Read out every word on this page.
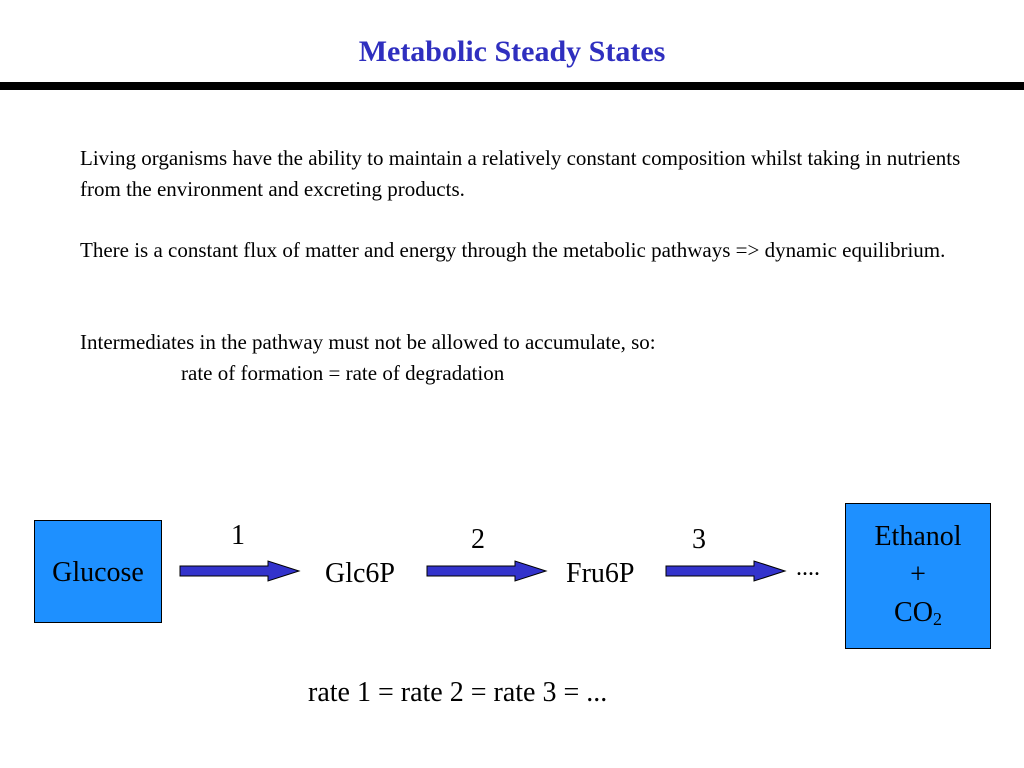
Metabolic Steady States

Living organisms have the ability to maintain a relatively constant composition whilst taking in nutrients from the environment and excreting products.

There is a constant flux of matter and energy through the metabolic pathways => dynamic equilibrium.

Intermediates in the pathway must not be allowed to accumulate, so:
rate of formation = rate of degradation

Glucose
1	2	3
Glc6P	Fru6P	....
Ethanol
+
$CO_2$
rate 1 = rate 2 = rate 3 = ...
